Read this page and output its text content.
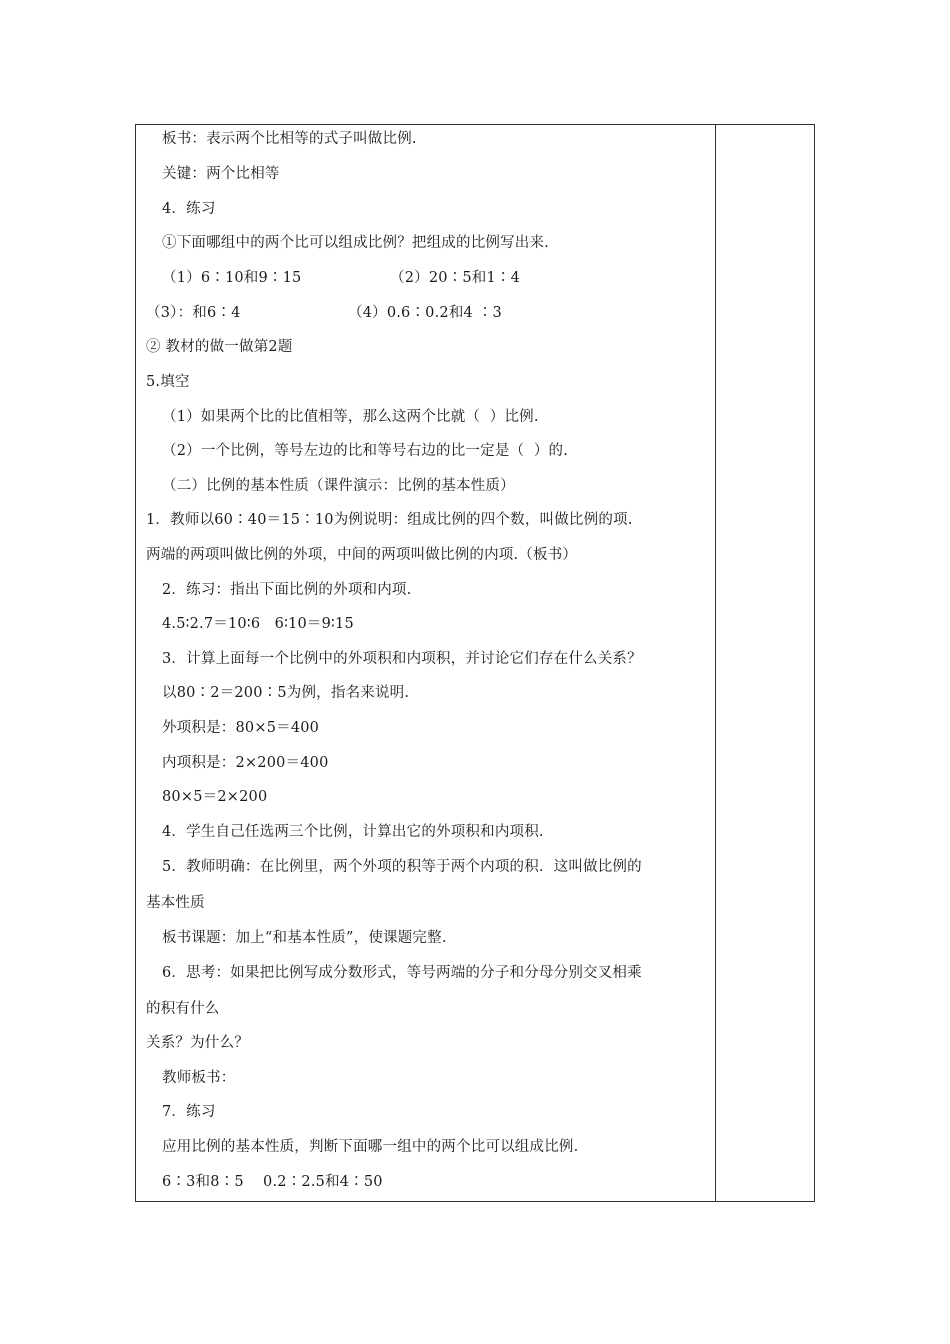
板书：表示两个比相等的式子叫做比例.
关键：两个比相等
4．练习
①下面哪组中的两个比可以组成比例？把组成的比例写出来.
（1）6∶10和9∶15	（2）20∶5和1∶4
（3）：和6∶4	（4）0.6∶0.2和4 ∶3
② 教材的做一做第2题
5.填空
（1）如果两个比的比值相等，那么这两个比就（  ）比例.
（2）一个比例，等号左边的比和等号右边的比一定是（  ）的.
（二）比例的基本性质（课件演示：比例的基本性质）
1．教师以60∶40＝15∶10为例说明：组成比例的四个数，叫做比例的项.
两端的两项叫做比例的外项，中间的两项叫做比例的内项.（板书）
2．练习：指出下面比例的外项和内项.
4.5∶2.7＝10∶6   6∶10＝9∶15
3．计算上面每一个比例中的外项积和内项积，并讨论它们存在什么关系？
以80∶2＝200∶5为例，指名来说明.
外项积是：80×5＝400
内项积是：2×200＝400
80×5＝2×200
4．学生自己任选两三个比例，计算出它的外项积和内项积.
5．教师明确：在比例里，两个外项的积等于两个内项的积．这叫做比例的
基本性质
板书课题：加上“和基本性质”，使课题完整.
6．思考：如果把比例写成分数形式，等号两端的分子和分母分别交叉相乘
的积有什么
关系？为什么？
教师板书：
7．练习
应用比例的基本性质，判断下面哪一组中的两个比可以组成比例.
6∶3和8∶5    0.2∶2.5和4∶50
